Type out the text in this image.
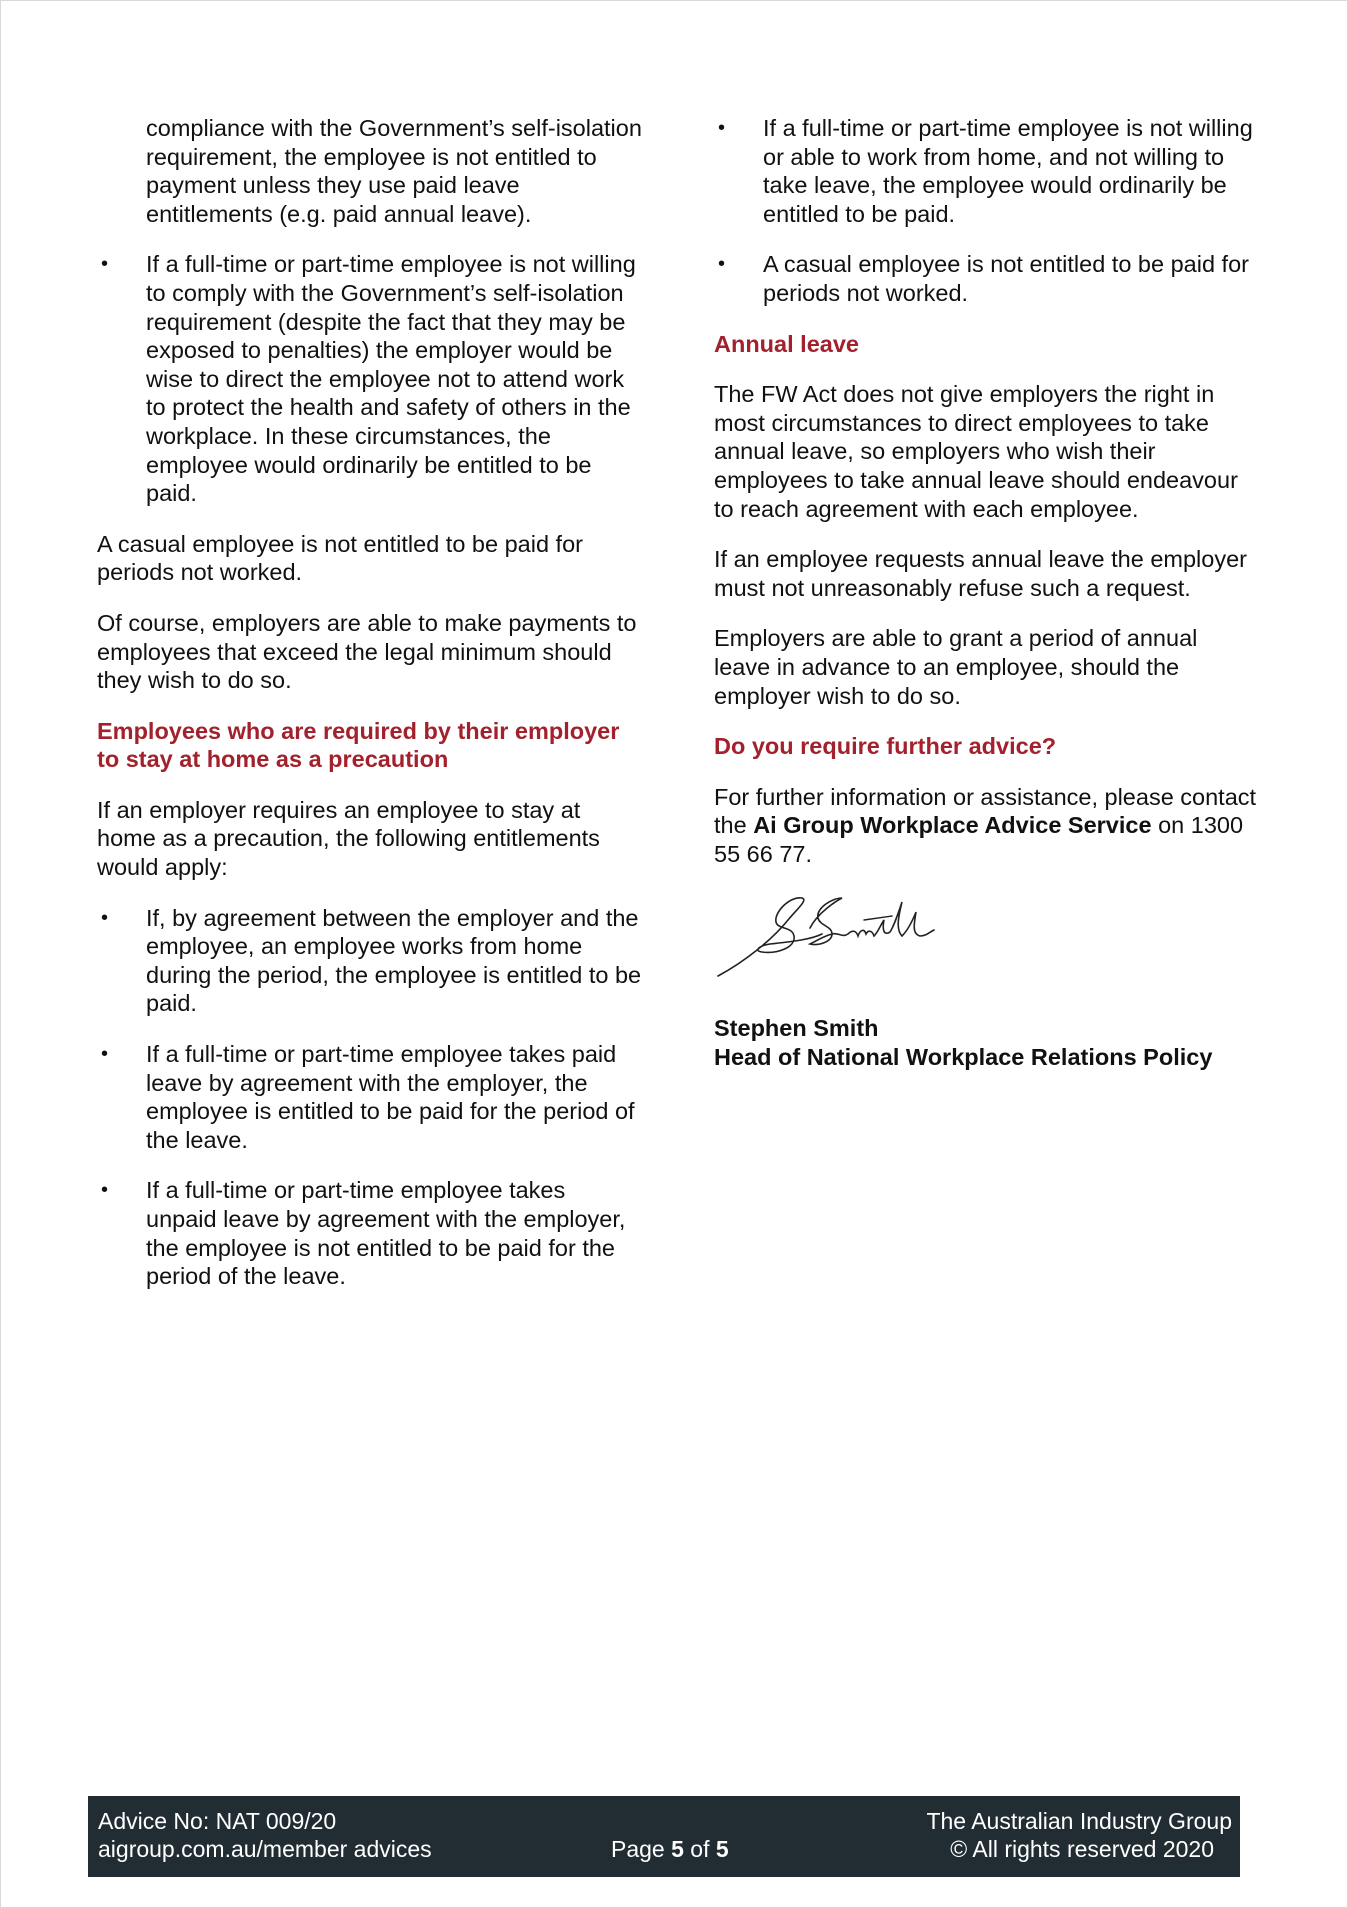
compliance with the Government’s self-isolation requirement, the employee is not entitled to payment unless they use paid leave entitlements (e.g. paid annual leave).

• If a full-time or part-time employee is not willing to comply with the Government’s self-isolation requirement (despite the fact that they may be exposed to penalties) the employer would be wise to direct the employee not to attend work to protect the health and safety of others in the workplace. In these circumstances, the employee would ordinarily be entitled to be paid.

A casual employee is not entitled to be paid for periods not worked.

Of course, employers are able to make payments to employees that exceed the legal minimum should they wish to do so.

Employees who are required by their employer to stay at home as a precaution

If an employer requires an employee to stay at home as a precaution, the following entitlements would apply:

• If, by agreement between the employer and the employee, an employee works from home during the period, the employee is entitled to be paid.
• If a full-time or part-time employee takes paid leave by agreement with the employer, the employee is entitled to be paid for the period of the leave.
• If a full-time or part-time employee takes unpaid leave by agreement with the employer, the employee is not entitled to be paid for the period of the leave.
• If a full-time or part-time employee is not willing or able to work from home, and not willing to take leave, the employee would ordinarily be entitled to be paid.
• A casual employee is not entitled to be paid for periods not worked.
Annual leave

The FW Act does not give employers the right in most circumstances to direct employees to take annual leave, so employers who wish their employees to take annual leave should endeavour to reach agreement with each employee.

If an employee requests annual leave the employer must not unreasonably refuse such a request.

Employers are able to grant a period of annual leave in advance to an employee, should the employer wish to do so.

Do you require further advice?

For further information or assistance, please contact the Ai Group Workplace Advice Service on 1300 55 66 77.

Stephen Smith
Head of National Workplace Relations Policy
Advice No: NAT 009/20
aigroup.com.au/member advices	Page 5 of 5
The Australian Industry Group
© All rights reserved 2020
